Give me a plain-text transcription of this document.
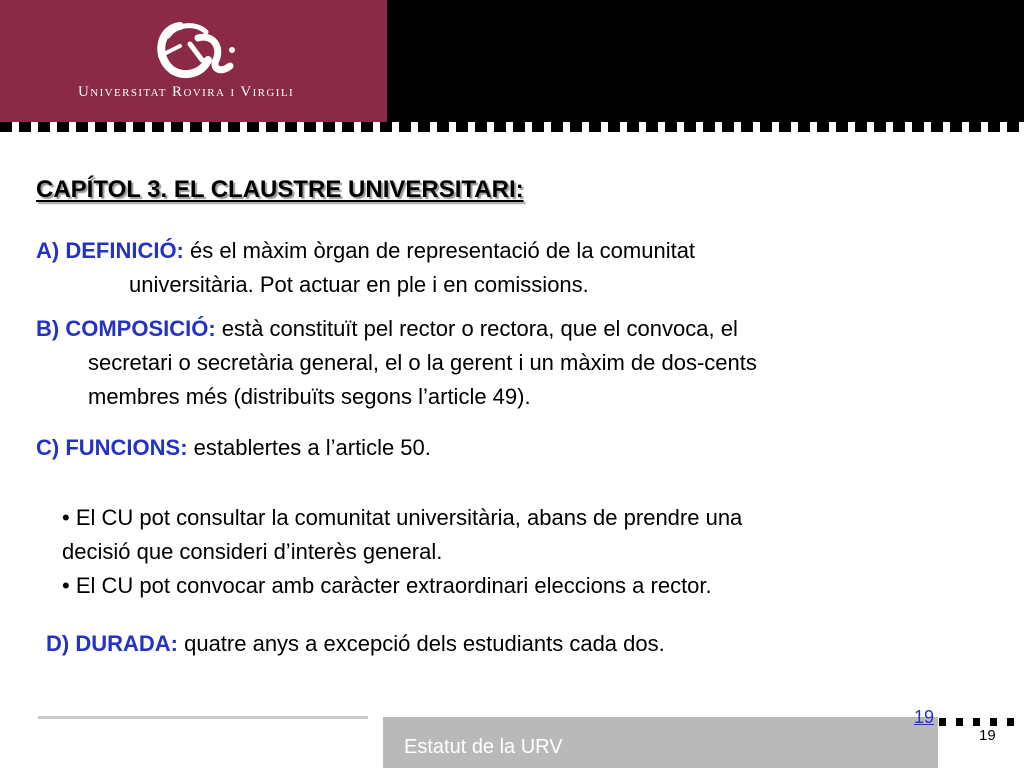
Universitat Rovira i Virgili
CAPÍTOL 3. EL CLAUSTRE UNIVERSITARI:
A) DEFINICIÓ: és el màxim òrgan de representació de la comunitat
universitària. Pot actuar en ple i en comissions.
B) COMPOSICIÓ: està constituït pel rector o rectora, que el convoca, el
secretari o secretària general, el o la gerent i un màxim de dos-cents
membres més (distribuïts segons l’article 49).
C) FUNCIONS: establertes a l’article 50.
• El CU pot consultar la comunitat universitària, abans de prendre una
decisió que consideri d’interès general.
• El CU pot convocar amb caràcter extraordinari eleccions a rector.
D) DURADA: quatre anys a excepció dels estudiants cada dos.
Estatut de la URV
19
19
